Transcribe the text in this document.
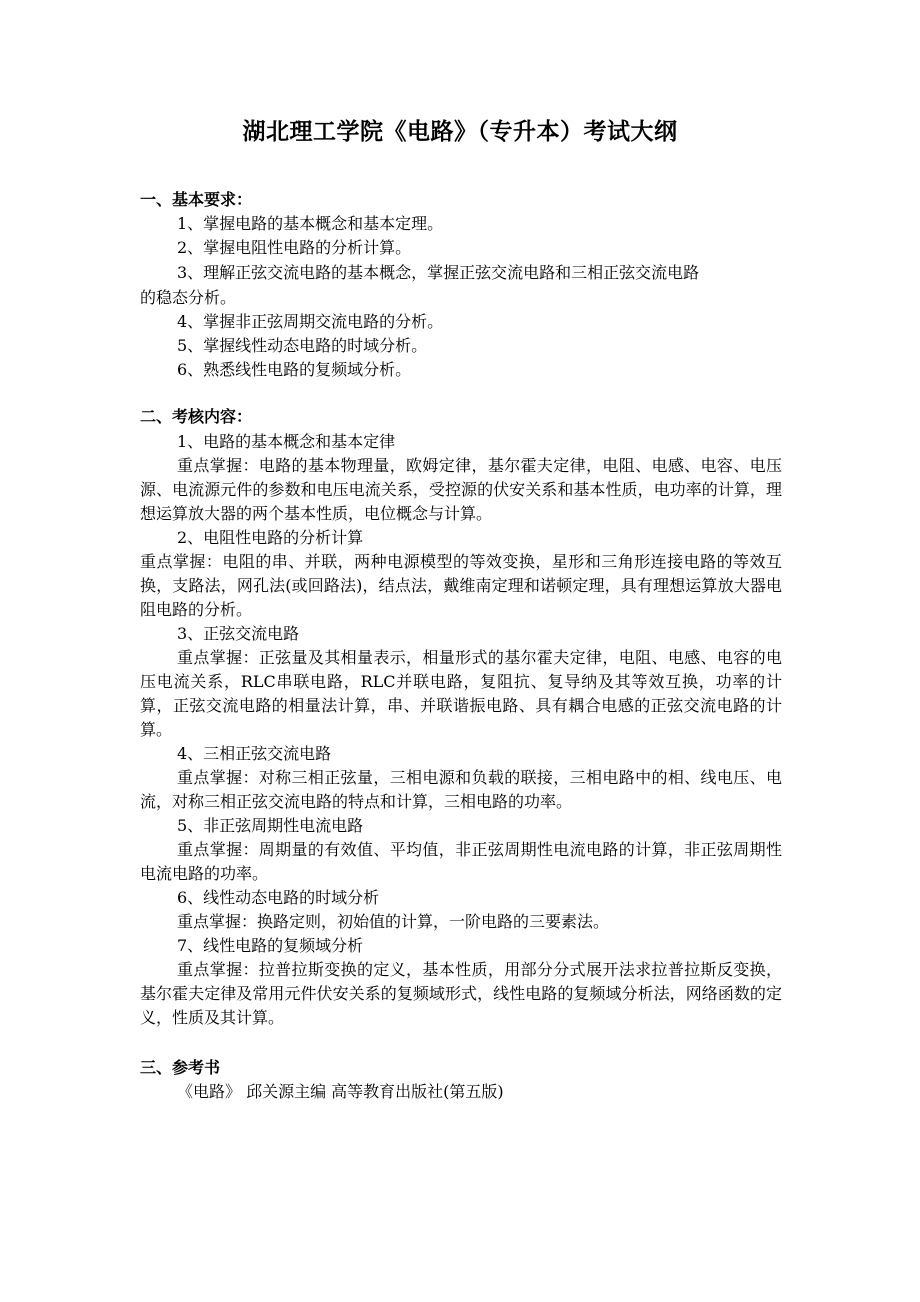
湖北理工学院《电路》（专升本）考试大纲
一、基本要求：
1、掌握电路的基本概念和基本定理。
2、掌握电阻性电路的分析计算。
3、理解正弦交流电路的基本概念，掌握正弦交流电路和三相正弦交流电路
的稳态分析。
4、掌握非正弦周期交流电路的分析。
5、掌握线性动态电路的时域分析。
6、熟悉线性电路的复频域分析。
二、考核内容：
1、电路的基本概念和基本定律
重点掌握：电路的基本物理量，欧姆定律，基尔霍夫定律，电阻、电感、电容、电压源、电流源元件的参数和电压电流关系，受控源的伏安关系和基本性质，电功率的计算，理想运算放大器的两个基本性质，电位概念与计算。
2、电阻性电路的分析计算
重点掌握：电阻的串、并联，两种电源模型的等效变换，星形和三角形连接电路的等效互换，支路法，网孔法(或回路法)，结点法，戴维南定理和诺顿定理，具有理想运算放大器电阻电路的分析。
3、正弦交流电路
重点掌握：正弦量及其相量表示，相量形式的基尔霍夫定律，电阻、电感、电容的电压电流关系，RLC串联电路，RLC并联电路，复阻抗、复导纳及其等效互换，功率的计算，正弦交流电路的相量法计算，串、并联谐振电路、具有耦合电感的正弦交流电路的计算。
4、三相正弦交流电路
重点掌握：对称三相正弦量，三相电源和负载的联接，三相电路中的相、线电压、电流，对称三相正弦交流电路的特点和计算，三相电路的功率。
5、非正弦周期性电流电路
重点掌握：周期量的有效值、平均值，非正弦周期性电流电路的计算，非正弦周期性电流电路的功率。
6、线性动态电路的时域分析
重点掌握：换路定则，初始值的计算，一阶电路的三要素法。
7、线性电路的复频域分析
重点掌握：拉普拉斯变换的定义，基本性质，用部分分式展开法求拉普拉斯反变换，基尔霍夫定律及常用元件伏安关系的复频域形式，线性电路的复频域分析法，网络函数的定义，性质及其计算。
三、参考书
《电路》 邱关源主编 高等教育出版社(第五版)
